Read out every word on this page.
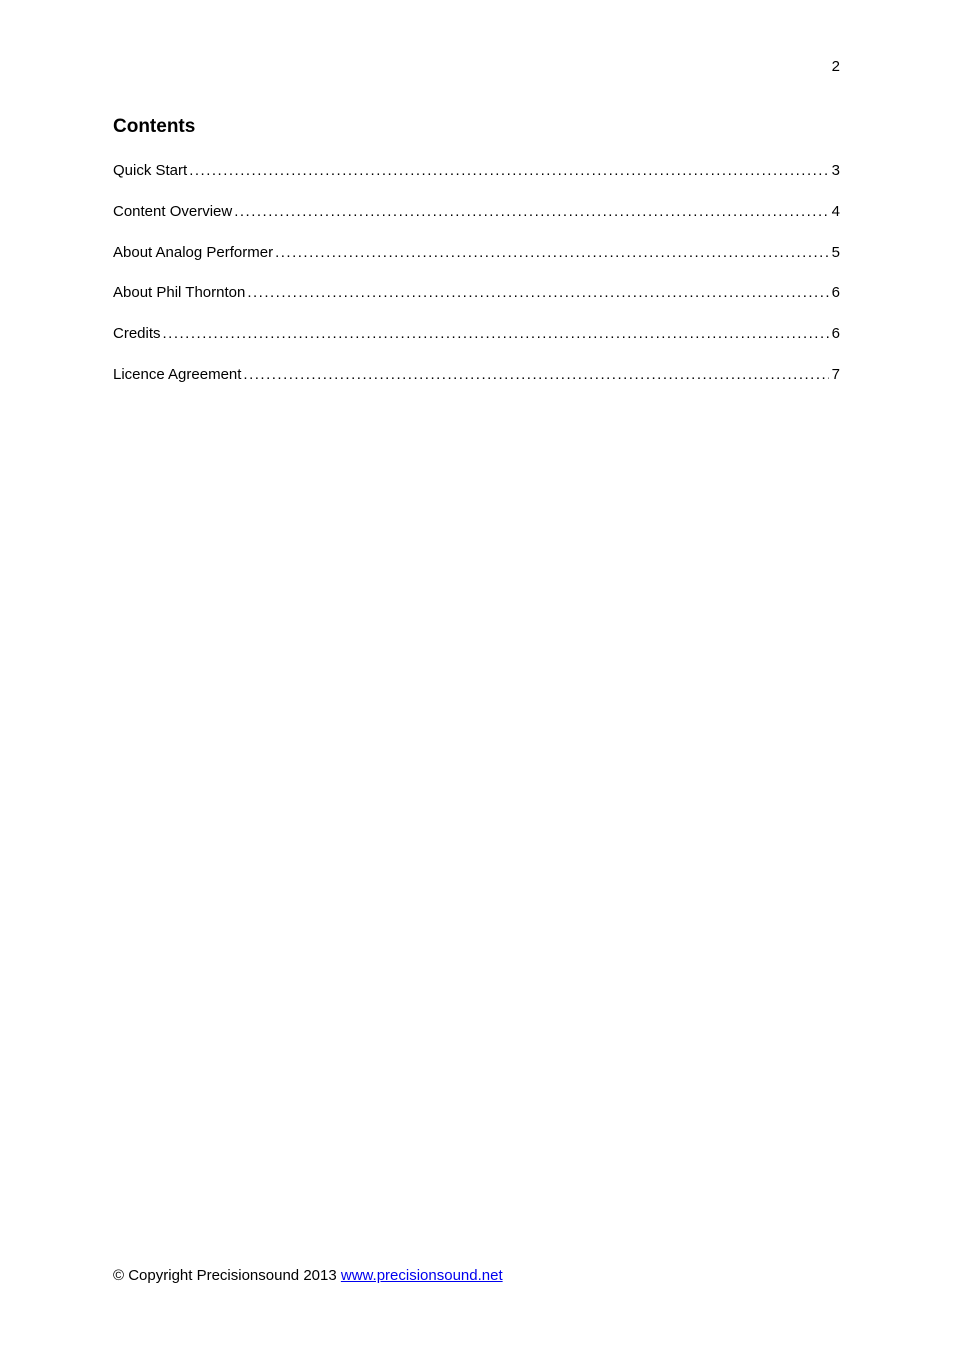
2
Contents
Quick Start .....	3
Content Overview .....	4
About Analog Performer .....	5
About Phil Thornton .....	6
Credits .....	6
Licence Agreement .....	7
© Copyright Precisionsound 2013 www.precisionsound.net
